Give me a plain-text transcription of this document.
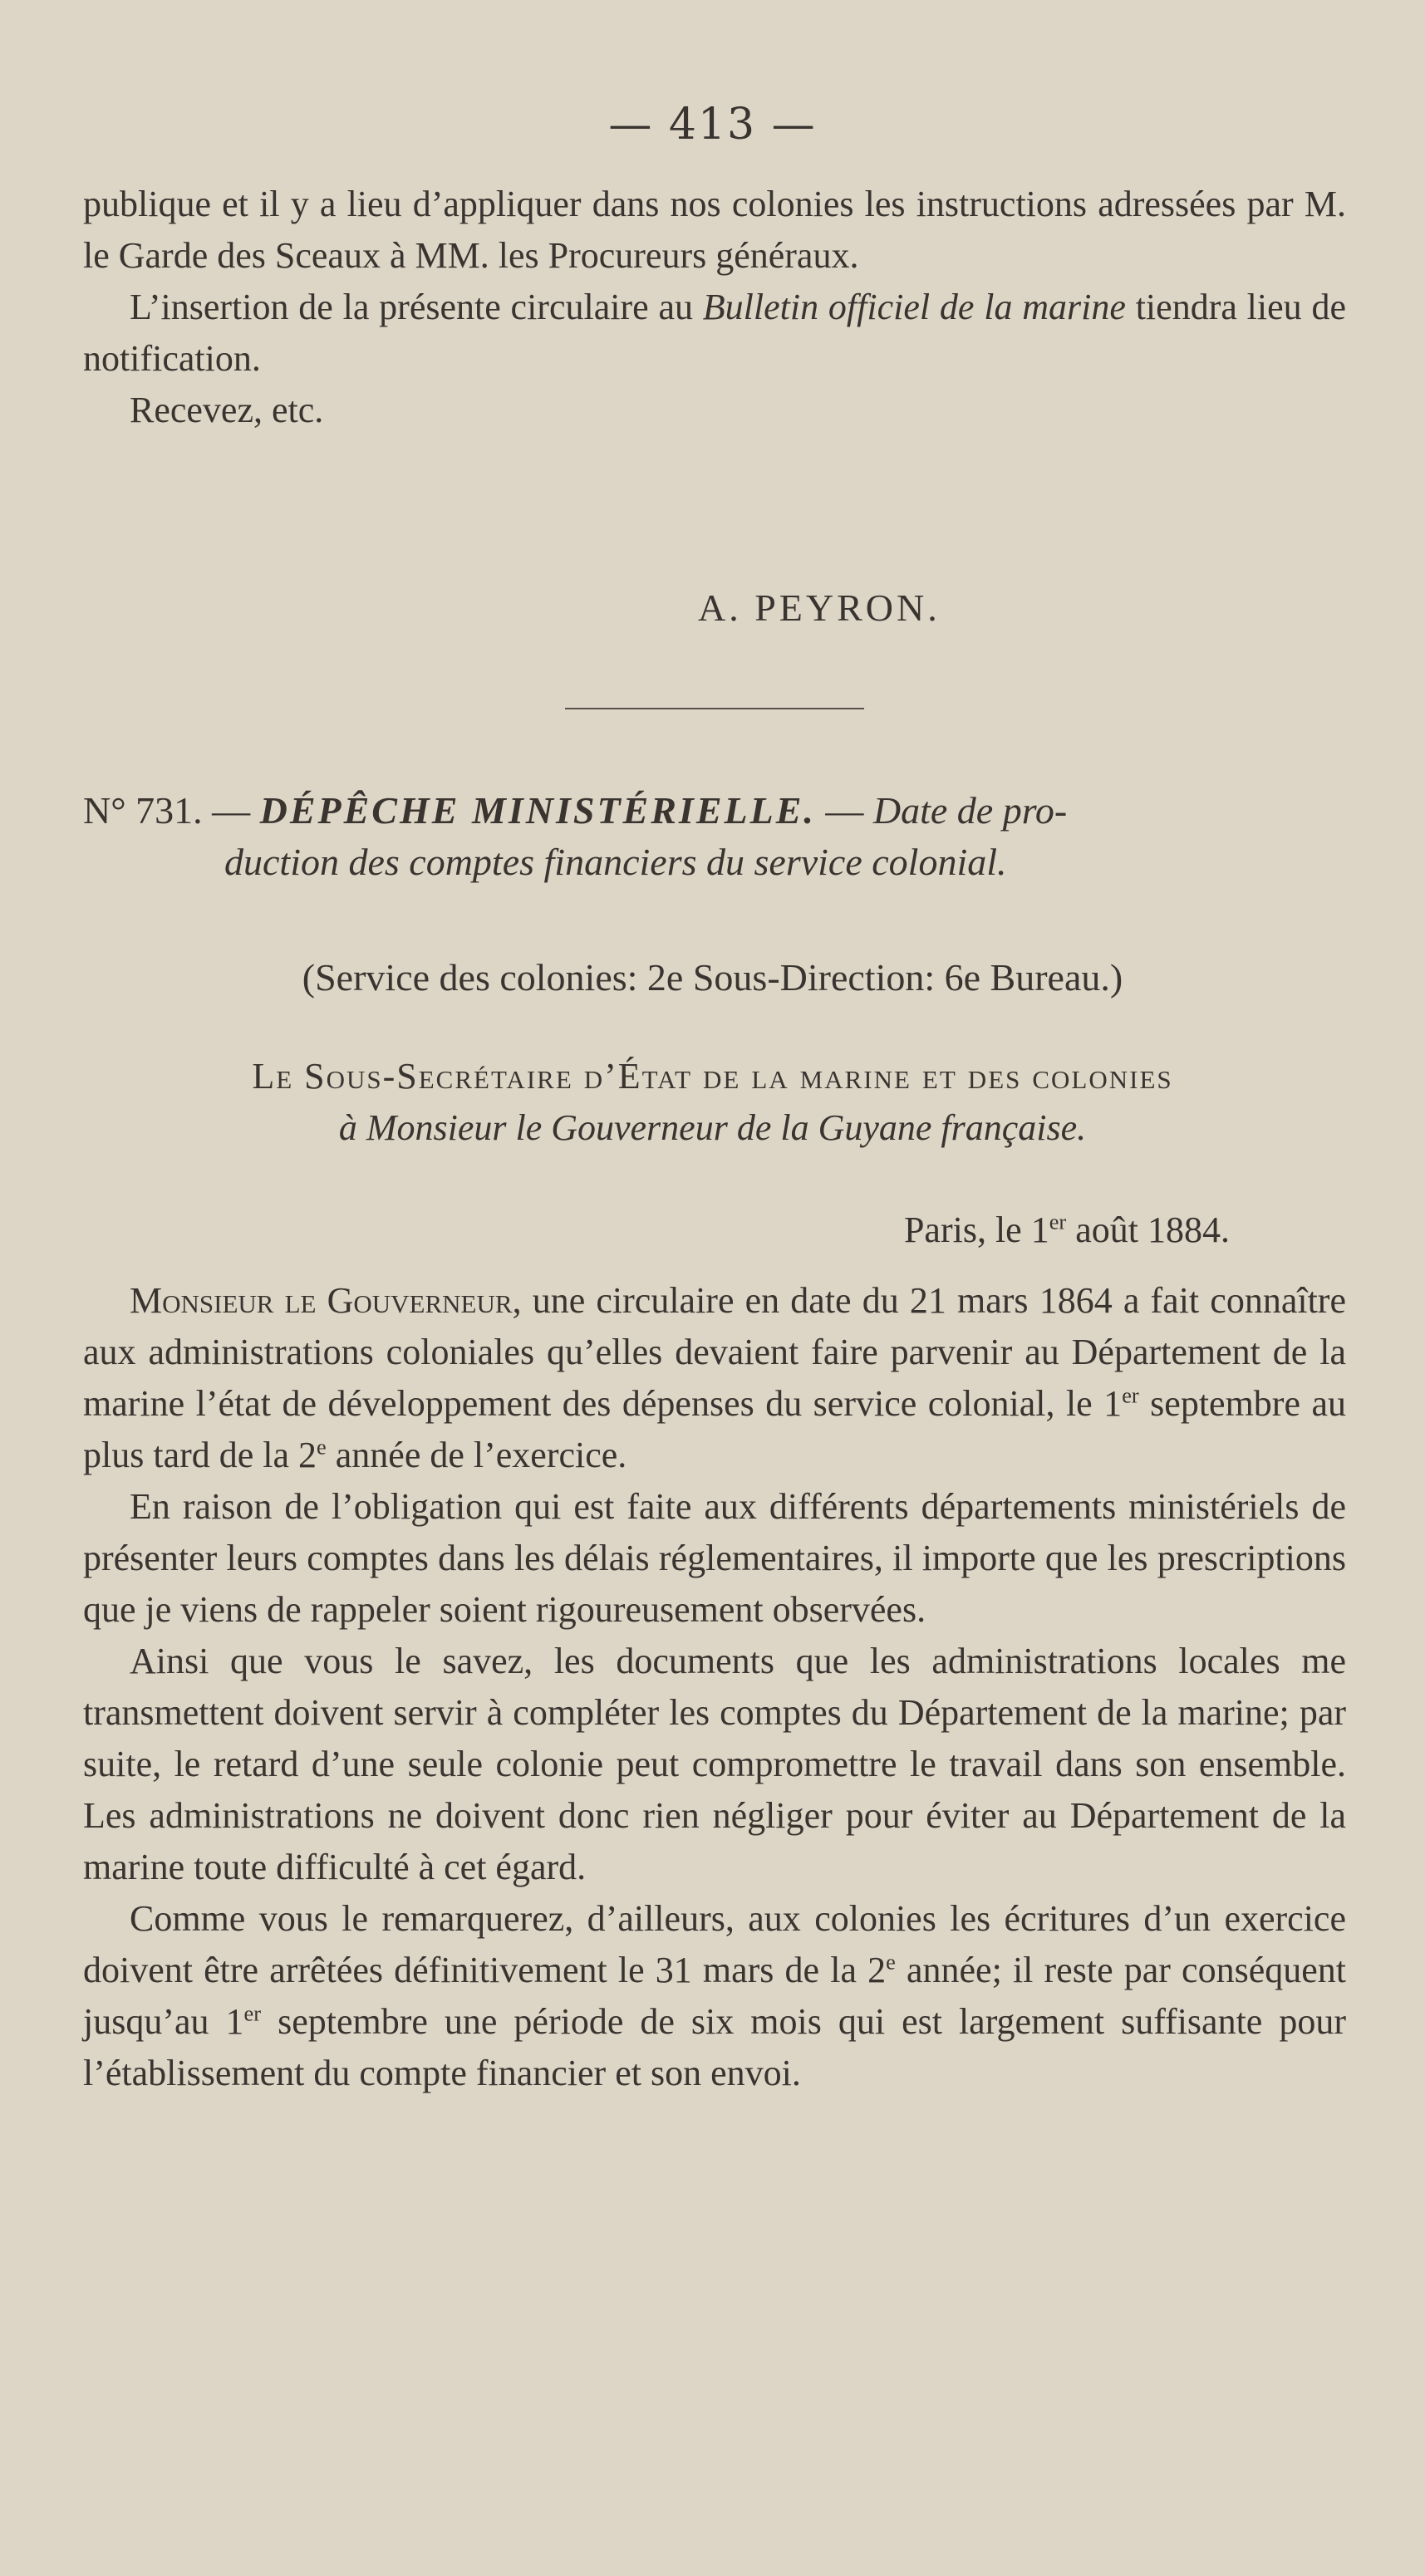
— 413 —

publique et il y a lieu d’appliquer dans nos colonies les instructions adressées par M. le Garde des Sceaux à MM. les Procureurs généraux.

L’insertion de la présente circulaire au Bulletin officiel de la marine tiendra lieu de notification.

Recevez, etc.

A. PEYRON.
N° 731. — DÉPÊCHE MINISTÉRIELLE. — Date de pro-
duction des comptes financiers du service colonial.
(Service des colonies: 2e Sous-Direction: 6e Bureau.)
Le Sous-Secrétaire d’État de la marine et des colonies
à Monsieur le Gouverneur de la Guyane française.
Paris, le 1er août 1884.

Monsieur le Gouverneur, une circulaire en date du 21 mars 1864 a fait connaître aux administrations coloniales qu’elles devaient faire parvenir au Département de la marine l’état de développement des dépenses du service colonial, le 1er septembre au plus tard de la 2e année de l’exercice.

En raison de l’obligation qui est faite aux différents départements ministériels de présenter leurs comptes dans les délais réglementaires, il importe que les prescriptions que je viens de rappeler soient rigoureusement observées.

Ainsi que vous le savez, les documents que les administrations locales me transmettent doivent servir à compléter les comptes du Département de la marine; par suite, le retard d’une seule colonie peut compromettre le travail dans son ensemble. Les administrations ne doivent donc rien négliger pour éviter au Département de la marine toute difficulté à cet égard.

Comme vous le remarquerez, d’ailleurs, aux colonies les écritures d’un exercice doivent être arrêtées définitivement le 31 mars de la 2e année; il reste par conséquent jusqu’au 1er septembre une période de six mois qui est largement suffisante pour l’établissement du compte financier et son envoi.
